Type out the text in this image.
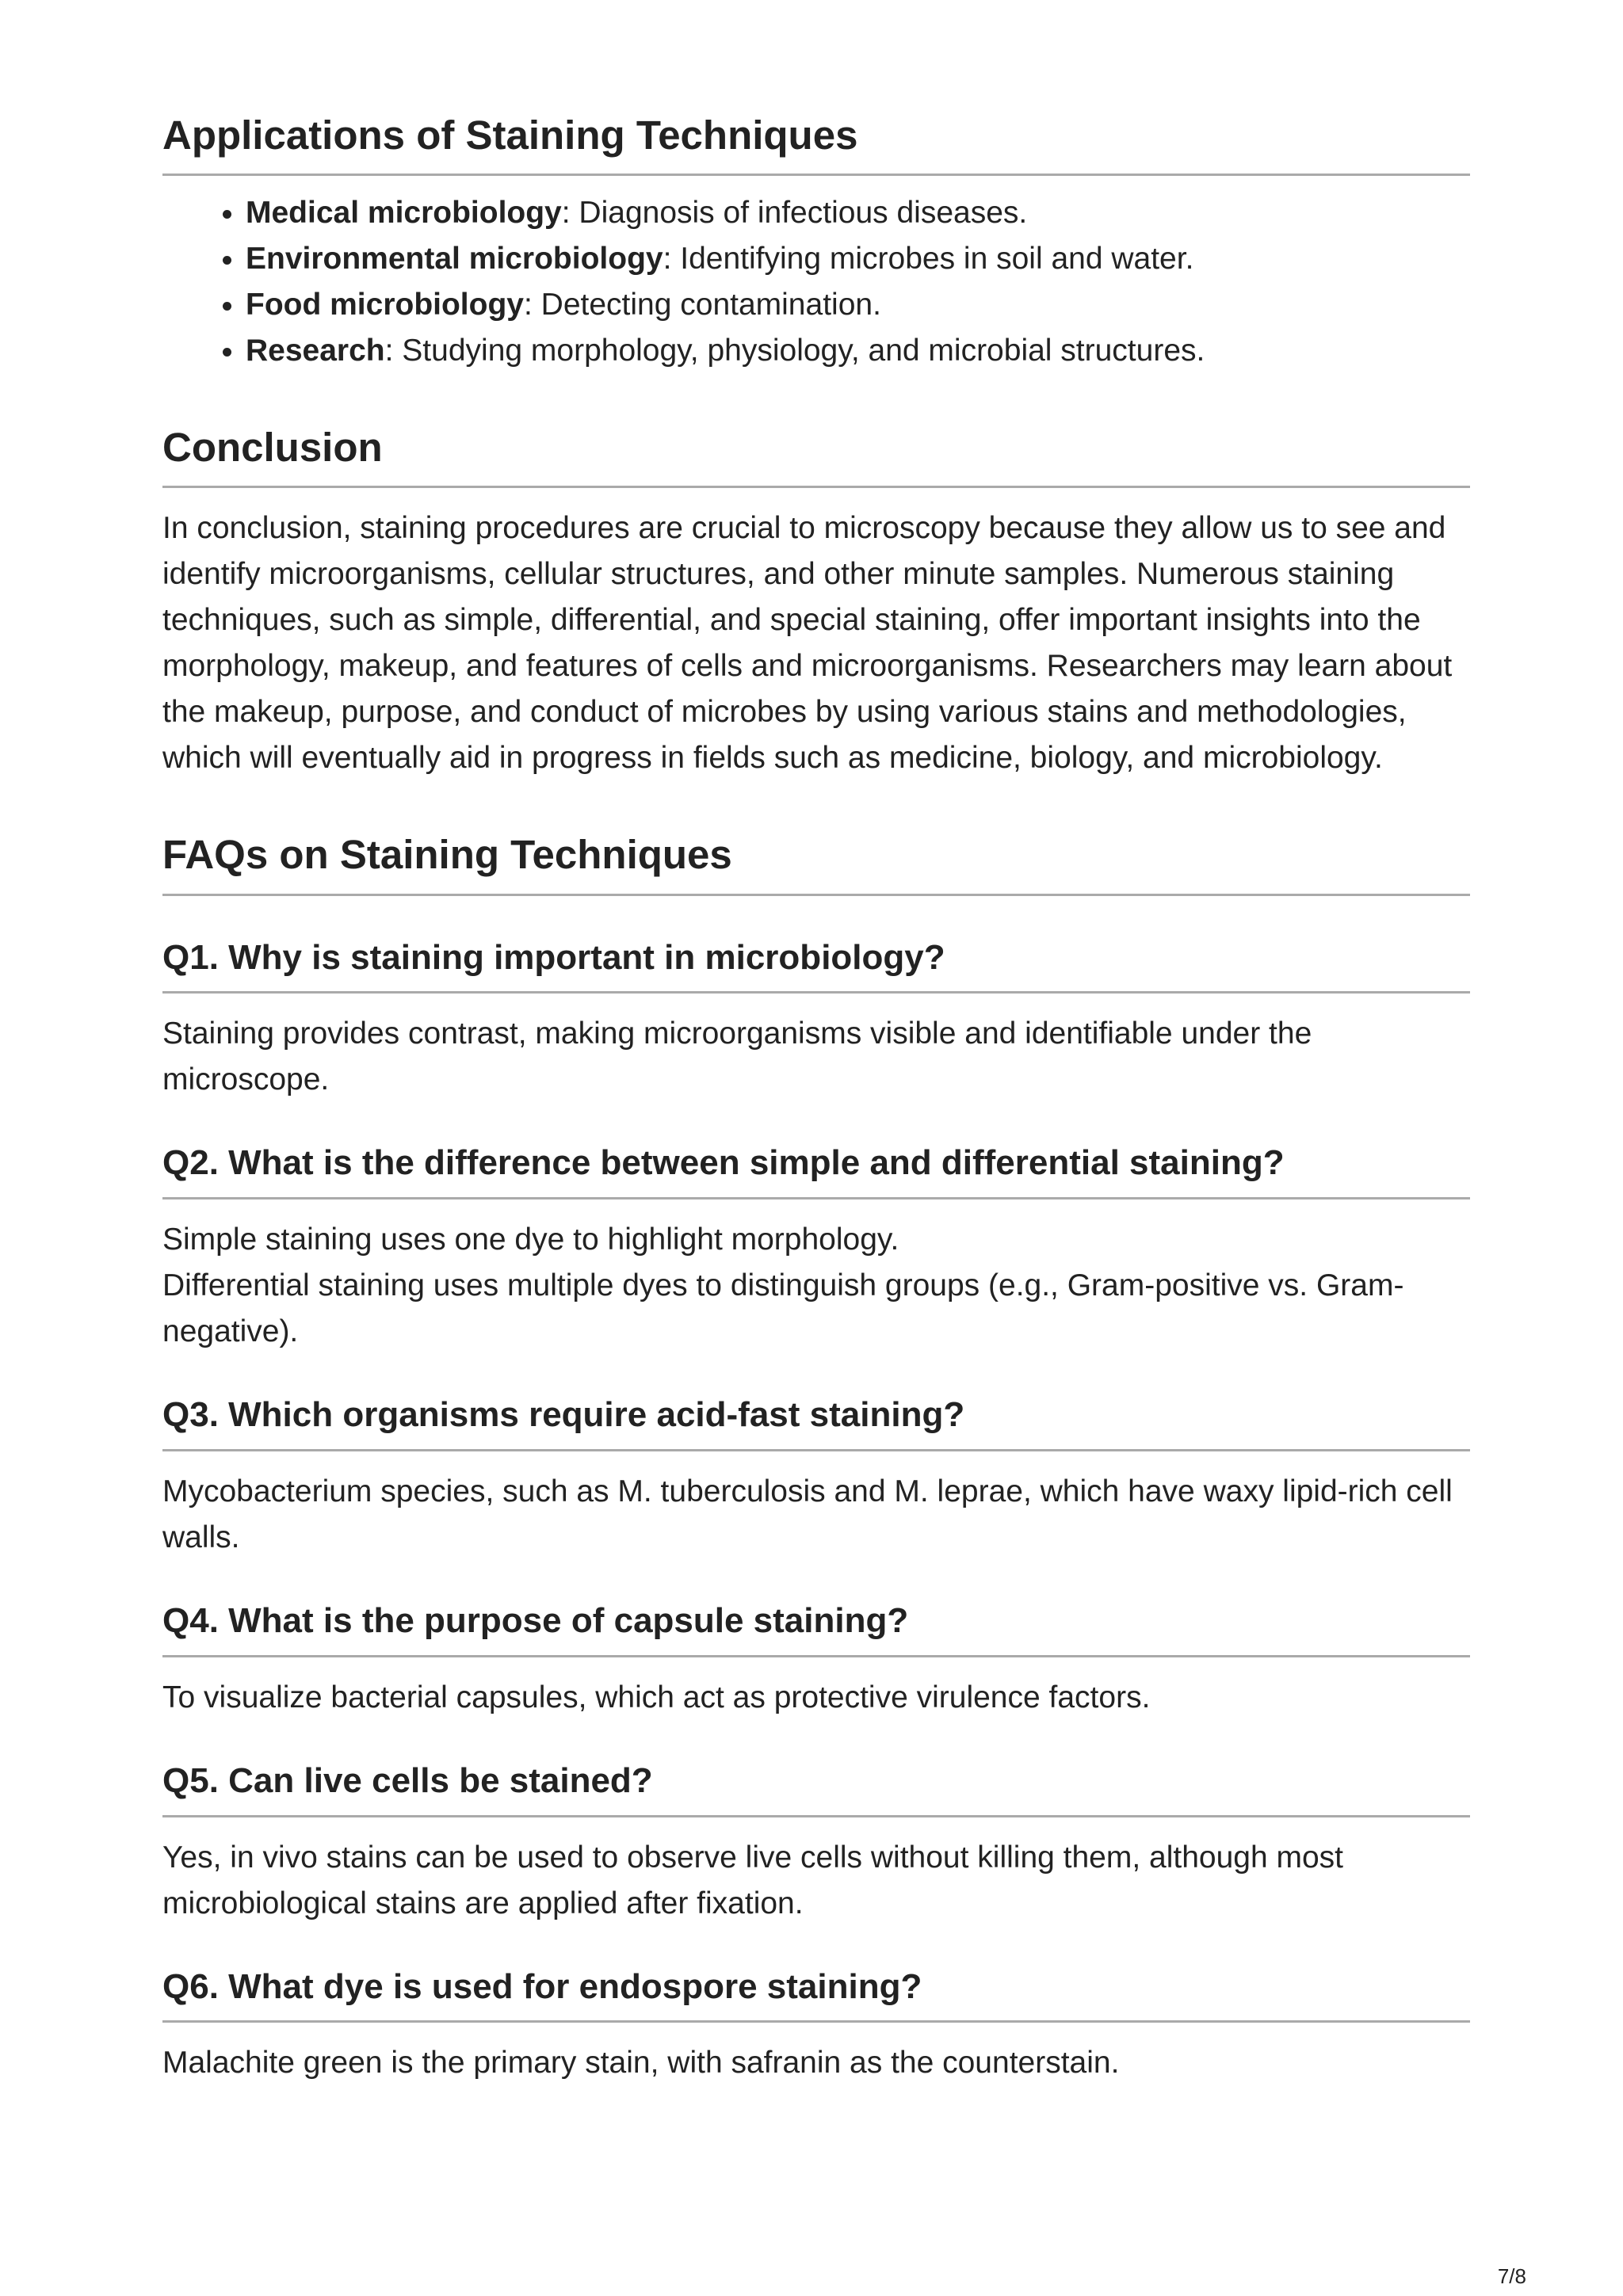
Applications of Staining Techniques
• Medical microbiology: Diagnosis of infectious diseases.
• Environmental microbiology: Identifying microbes in soil and water.
• Food microbiology: Detecting contamination.
• Research: Studying morphology, physiology, and microbial structures.
Conclusion

In conclusion, staining procedures are crucial to microscopy because they allow us to see and identify microorganisms, cellular structures, and other minute samples. Numerous staining techniques, such as simple, differential, and special staining, offer important insights into the morphology, makeup, and features of cells and microorganisms. Researchers may learn about the makeup, purpose, and conduct of microbes by using various stains and methodologies, which will eventually aid in progress in fields such as medicine, biology, and microbiology.

FAQs on Staining Techniques
Q1. Why is staining important in microbiology?

Staining provides contrast, making microorganisms visible and identifiable under the microscope.

Q2. What is the difference between simple and differential staining?

Simple staining uses one dye to highlight morphology.
Differential staining uses multiple dyes to distinguish groups (e.g., Gram-positive vs. Gram-negative).

Q3. Which organisms require acid-fast staining?

Mycobacterium species, such as M. tuberculosis and M. leprae, which have waxy lipid-rich cell walls.

Q4. What is the purpose of capsule staining?

To visualize bacterial capsules, which act as protective virulence factors.

Q5. Can live cells be stained?

Yes, in vivo stains can be used to observe live cells without killing them, although most microbiological stains are applied after fixation.

Q6. What dye is used for endospore staining?

Malachite green is the primary stain, with safranin as the counterstain.

7/8
